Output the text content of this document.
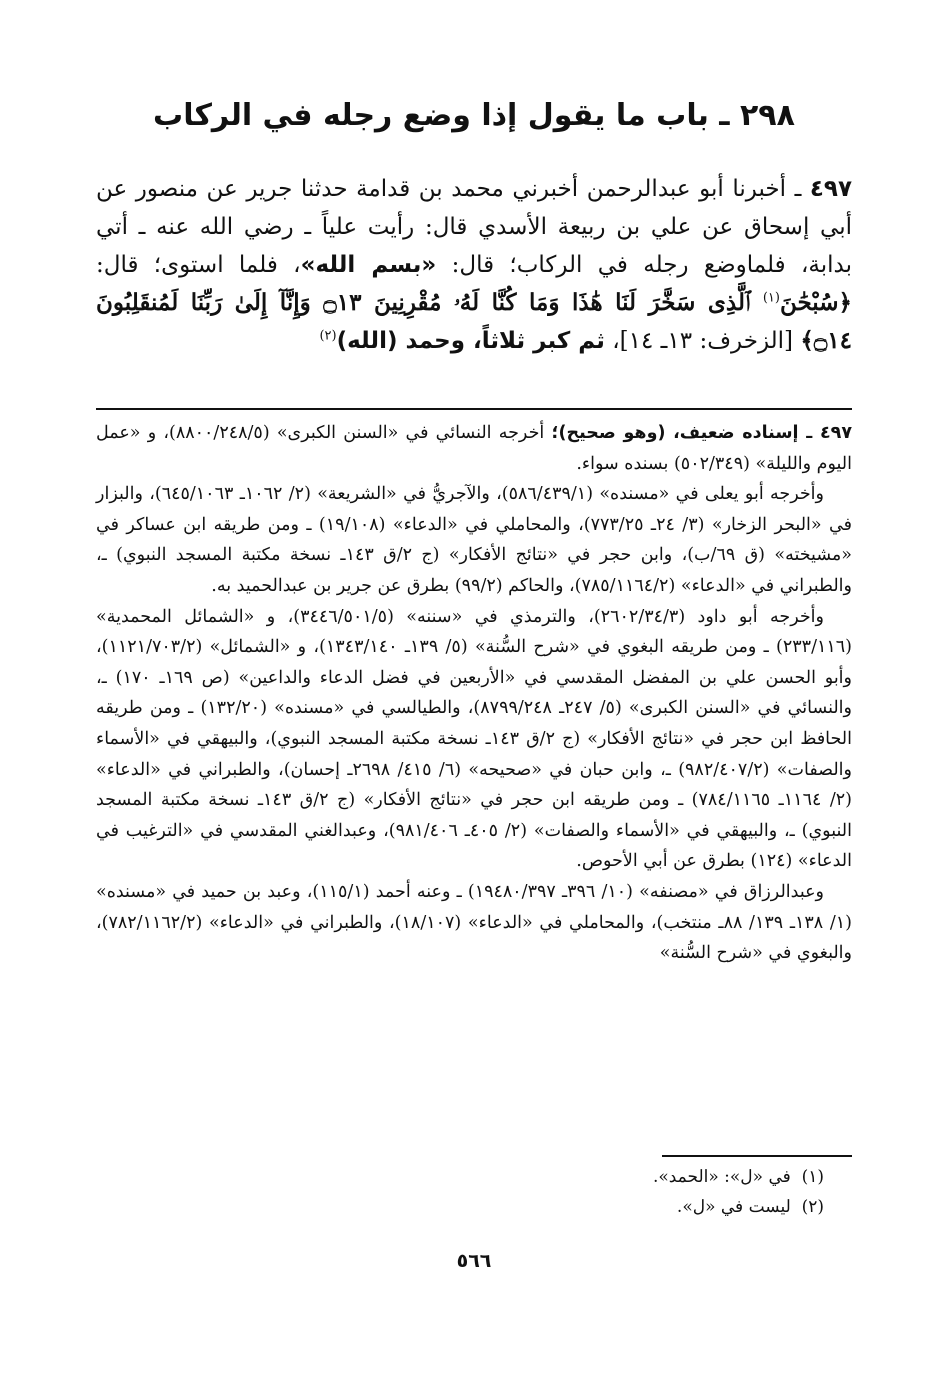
٢٩٨ ـ باب ما يقول إذا وضع رجله في الركاب
٤٩٧ ـ أخبرنا أبو عبدالرحمن أخبرني محمد بن قدامة حدثنا جرير عن منصور عن أبي إسحاق عن علي بن ربيعة الأسدي قال: رأيت علياً ـ رضي الله عنه ـ أتي بدابة، فلماوضع رجله في الركاب؛ قال: «بسم الله»، فلما استوى؛ قال: ﴿سُبْحَٰنَ$^{(١)}$ ٱلَّذِى سَخَّرَ لَنَا هَٰذَا وَمَا كُنَّا لَهُۥ مُقْرِنِينَ ۝١٣ وَإِنَّآ إِلَىٰ رَبِّنَا لَمُنقَلِبُونَ ۝١٤﴾ [الزخرف: ١٣ـ ١٤]، ثم كبر ثلاثاً، وحمد (الله)$^{(٢)}$

٤٩٧ ـ إسناده ضعيف، (وهو صحيح)؛ أخرجه النسائي في «السنن الكبرى» (٨٨٠٠/٢٤٨/٥)، و «عمل اليوم والليلة» (٥٠٢/٣٤٩) بسنده سواء.

وأخرجه أبو يعلى في «مسنده» (٥٨٦/٤٣٩/١)، والآجريُّ في «الشريعة» (٢/ ١٠٦٢ـ ٦٤٥/١٠٦٣)، والبزار في «البحر الزخار» (٣/ ٢٤ـ ٧٧٣/٢٥)، والمحاملي في «الدعاء» (١٩/١٠٨) ـ ومن طريقه ابن عساكر في «مشيخته» (ق ٦٩/ب)، وابن حجر في «نتائج الأفكار» (ج ٢/ق ١٤٣ـ نسخة مكتبة المسجد النبوي) ـ، والطبراني في «الدعاء» (٧٨٥/١١٦٤/٢)، والحاكم (٩٩/٢) بطرق عن جرير بن عبدالحميد به.

وأخرجه أبو داود (٢٦٠٢/٣٤/٣)، والترمذي في «سننه» (٣٤٤٦/٥٠١/٥)، و «الشمائل المحمدية» (٢٣٣/١١٦) ـ ومن طريقه البغوي في «شرح السُّنة» (٥/ ١٣٩ـ ١٣٤٣/١٤٠)، و «الشمائل» (١١٢١/٧٠٣/٢)، وأبو الحسن علي بن المفضل المقدسي في «الأربعين في فضل الدعاء والداعين» (ص ١٦٩ـ ١٧٠) ـ، والنسائي في «السنن الكبرى» (٥/ ٢٤٧ـ ٨٧٩٩/٢٤٨)، والطيالسي في «مسنده» (١٣٢/٢٠) ـ ومن طريقه الحافظ ابن حجر في «نتائج الأفكار» (ج ٢/ق ١٤٣ـ نسخة مكتبة المسجد النبوي)، والبيهقي في «الأسماء والصفات» (٩٨٢/٤٠٧/٢) ـ، وابن حبان في «صحيحه» (٦/ ٤١٥/ ٢٦٩٨ـ إحسان)، والطبراني في «الدعاء» (٢/ ١١٦٤ـ ٧٨٤/١١٦٥) ـ ومن طريقه ابن حجر في «نتائج الأفكار» (ج ٢/ق ١٤٣ـ نسخة مكتبة المسجد النبوي) ـ، والبيهقي في «الأسماء والصفات» (٢/ ٤٠٥ـ ٩٨١/٤٠٦)، وعبدالغني المقدسي في «الترغيب في الدعاء» (١٢٤) بطرق عن أبي الأحوص.

وعبدالرزاق في «مصنفه» (١٠/ ٣٩٦ـ ١٩٤٨٠/٣٩٧) ـ وعنه أحمد (١١٥/١)، وعبد بن حميد في «مسنده» (١/ ١٣٨ـ ١٣٩/ ٨٨ـ منتخب)، والمحاملي في «الدعاء» (١٨/١٠٧)، والطبراني في «الدعاء» (٧٨٢/١١٦٢/٢)، والبغوي في «شرح السُّنة»

(١)  في «ل»: «الحمد».

(٢)  ليست في «ل».

٥٦٦
